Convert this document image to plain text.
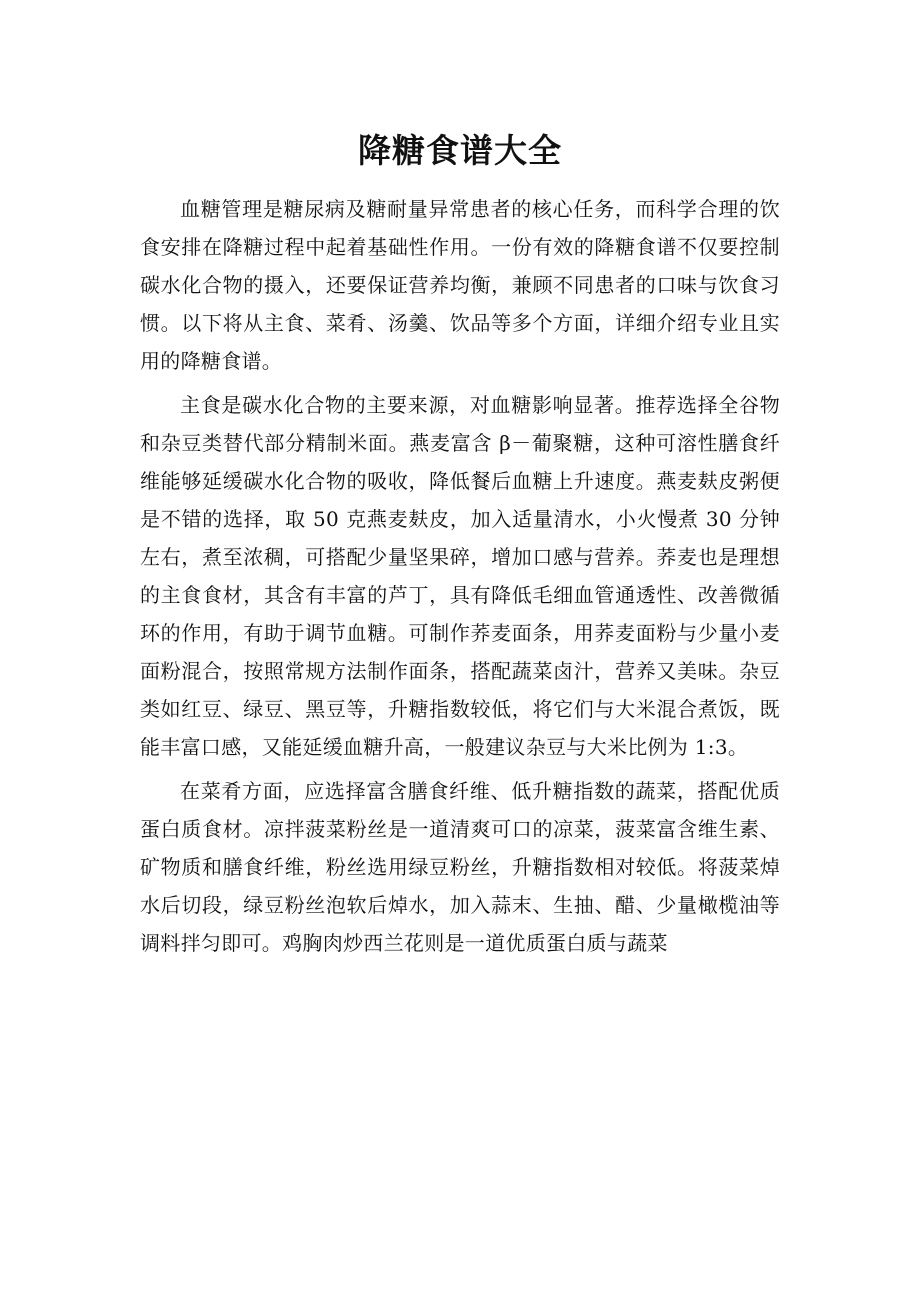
降糖食谱大全

血糖管理是糖尿病及糖耐量异常患者的核心任务，而科学合理的饮食安排在降糖过程中起着基础性作用。一份有效的降糖食谱不仅要控制碳水化合物的摄入，还要保证营养均衡，兼顾不同患者的口味与饮食习惯。以下将从主食、菜肴、汤羹、饮品等多个方面，详细介绍专业且实用的降糖食谱。

主食是碳水化合物的主要来源，对血糖影响显著。推荐选择全谷物和杂豆类替代部分精制米面。燕麦富含 β－葡聚糖，这种可溶性膳食纤维能够延缓碳水化合物的吸收，降低餐后血糖上升速度。燕麦麸皮粥便是不错的选择，取 50 克燕麦麸皮，加入适量清水，小火慢煮 30 分钟左右，煮至浓稠，可搭配少量坚果碎，增加口感与营养。荞麦也是理想的主食食材，其含有丰富的芦丁，具有降低毛细血管通透性、改善微循环的作用，有助于调节血糖。可制作荞麦面条，用荞麦面粉与少量小麦面粉混合，按照常规方法制作面条，搭配蔬菜卤汁，营养又美味。杂豆类如红豆、绿豆、黑豆等，升糖指数较低，将它们与大米混合煮饭，既能丰富口感，又能延缓血糖升高，一般建议杂豆与大米比例为 1:3。

在菜肴方面，应选择富含膳食纤维、低升糖指数的蔬菜，搭配优质蛋白质食材。凉拌菠菜粉丝是一道清爽可口的凉菜，菠菜富含维生素、矿物质和膳食纤维，粉丝选用绿豆粉丝，升糖指数相对较低。将菠菜焯水后切段，绿豆粉丝泡软后焯水，加入蒜末、生抽、醋、少量橄榄油等调料拌匀即可。鸡胸肉炒西兰花则是一道优质蛋白质与蔬菜
